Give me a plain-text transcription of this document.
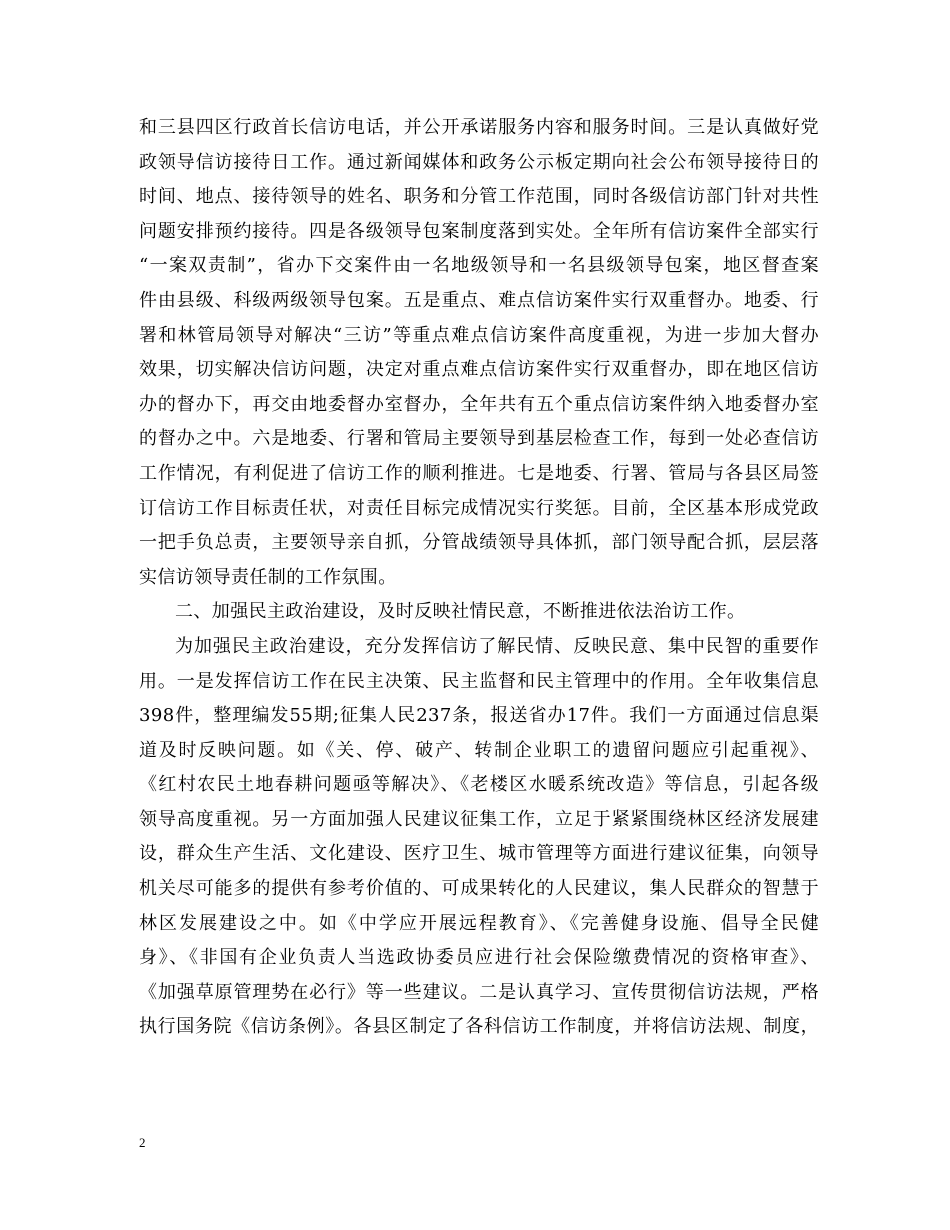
和三县四区行政首长信访电话，并公开承诺服务内容和服务时间。三是认真做好党
政领导信访接待日工作。通过新闻媒体和政务公示板定期向社会公布领导接待日的
时间、地点、接待领导的姓名、职务和分管工作范围，同时各级信访部门针对共性
问题安排预约接待。四是各级领导包案制度落到实处。全年所有信访案件全部实行
“一案双责制”，省办下交案件由一名地级领导和一名县级领导包案，地区督查案
件由县级、科级两级领导包案。五是重点、难点信访案件实行双重督办。地委、行
署和林管局领导对解决“三访”等重点难点信访案件高度重视，为进一步加大督办
效果，切实解决信访问题，决定对重点难点信访案件实行双重督办，即在地区信访
办的督办下，再交由地委督办室督办，全年共有五个重点信访案件纳入地委督办室
的督办之中。六是地委、行署和管局主要领导到基层检查工作，每到一处必查信访
工作情况，有利促进了信访工作的顺利推进。七是地委、行署、管局与各县区局签
订信访工作目标责任状，对责任目标完成情况实行奖惩。目前，全区基本形成党政
一把手负总责，主要领导亲自抓，分管战绩领导具体抓，部门领导配合抓，层层落
实信访领导责任制的工作氛围。
二、加强民主政治建设，及时反映社情民意，不断推进依法治访工作。
为加强民主政治建设，充分发挥信访了解民情、反映民意、集中民智的重要作
用。一是发挥信访工作在民主决策、民主监督和民主管理中的作用。全年收集信息
398件，整理编发55期;征集人民237条，报送省办17件。我们一方面通过信息渠
道及时反映问题。如《关、停、破产、转制企业职工的遗留问题应引起重视》、
《红村农民土地春耕问题亟等解决》、《老楼区水暖系统改造》等信息，引起各级
领导高度重视。另一方面加强人民建议征集工作，立足于紧紧围绕林区经济发展建
设，群众生产生活、文化建设、医疗卫生、城市管理等方面进行建议征集，向领导
机关尽可能多的提供有参考价值的、可成果转化的人民建议，集人民群众的智慧于
林区发展建设之中。如《中学应开展远程教育》、《完善健身设施、倡导全民健
身》、《非国有企业负责人当选政协委员应进行社会保险缴费情况的资格审查》、
《加强草原管理势在必行》等一些建议。二是认真学习、宣传贯彻信访法规，严格
执行国务院《信访条例》。各县区制定了各科信访工作制度，并将信访法规、制度，
2
